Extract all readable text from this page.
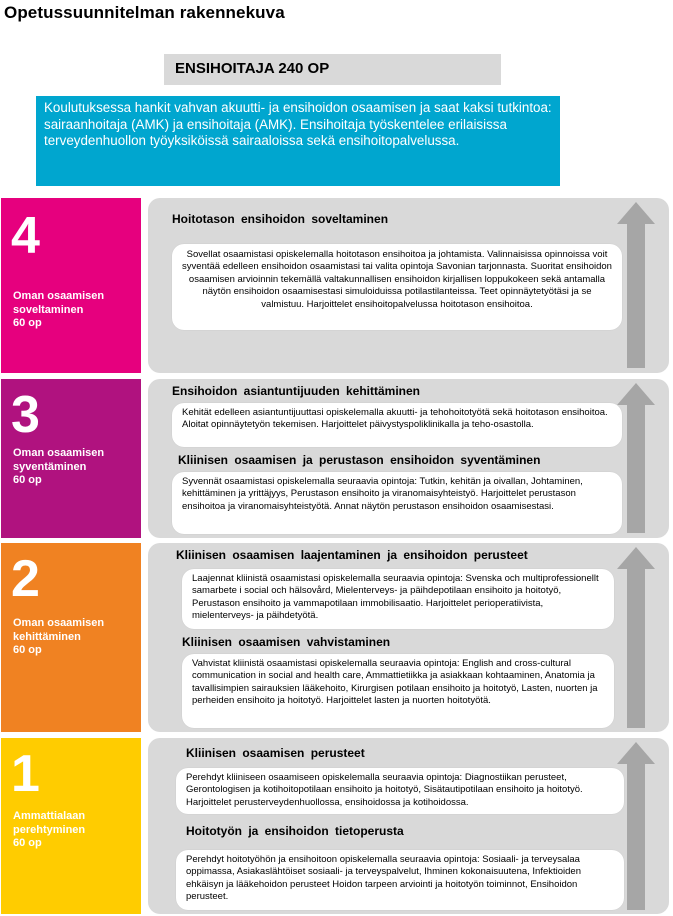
Opetussuunnitelman rakennekuva
ENSIHOITAJA 240 OP
Koulutuksessa hankit vahvan akuutti- ja ensihoidon osaamisen ja saat kaksi tutkintoa: sairaanhoitaja (AMK) ja ensihoitaja (AMK). Ensihoitaja työskentelee erilaisissa terveydenhuollon työyksiköissä sairaaloissa sekä ensihoitopalvelussa.
4
Oman osaamisen soveltaminen
60 op
Hoitotason ensihoidon soveltaminen
Sovellat osaamistasi opiskelemalla hoitotason ensihoitoa ja johtamista. Valinnaisissa opinnoissa voit syventää edelleen ensihoidon osaamistasi tai valita opintoja Savonian tarjonnasta. Suoritat ensihoidon osaamisen arvioinnin tekemällä valtakunnallisen ensihoidon kirjallisen loppukokeen sekä antamalla näytön ensihoidon osaamisestasi simuloiduissa potilastilanteissa. Teet opinnäytetyötäsi ja se valmistuu. Harjoittelet ensihoitopalvelussa hoitotason ensihoitoa.
3
Oman osaamisen syventäminen
60 op
Ensihoidon asiantuntijuuden kehittäminen
Kehität edelleen asiantuntijuuttasi opiskelemalla akuutti- ja tehohoitotyötä sekä hoitotason ensihoitoa. Aloitat opinnäytetyön tekemisen. Harjoittelet päivystyspoliklinikalla ja teho-osastolla.
Kliinisen osaamisen ja perustason ensihoidon syventäminen
Syvennät osaamistasi opiskelemalla seuraavia opintoja: Tutkin, kehitän ja oivallan, Johtaminen, kehittäminen ja yrittäjyys, Perustason ensihoito ja viranomaisyhteistyö. Harjoittelet perustason ensihoitoa ja viranomaisyhteistyötä. Annat näytön perustason ensihoidon osaamisestasi.
2
Oman osaamisen kehittäminen
60 op
Kliinisen osaamisen laajentaminen ja ensihoidon perusteet
Laajennat kliinistä osaamistasi opiskelemalla seuraavia opintoja: Svenska och multiprofessionellt samarbete i social och hälsovård, Mielenterveys- ja päihdepotilaan ensihoito ja hoitotyö, Perustason ensihoito ja vammapotilaan immobilisaatio. Harjoittelet perioperatiivista, mielenterveys- ja päihdetyötä.
Kliinisen osaamisen vahvistaminen
Vahvistat kliinistä osaamistasi opiskelemalla seuraavia opintoja: English and cross-cultural communication in social and health care, Ammattietiikka ja asiakkaan kohtaaminen, Anatomia ja tavallisimpien sairauksien lääkehoito, Kirurgisen potilaan ensihoito ja hoitotyö, Lasten, nuorten ja perheiden ensihoito ja hoitotyö. Harjoittelet lasten ja nuorten hoitotyötä.
1
Ammattialaan perehtyminen
60 op
Kliinisen osaamisen perusteet
Perehdyt kliiniseen osaamiseen opiskelemalla seuraavia opintoja: Diagnostiikan perusteet, Gerontologisen ja kotihoitopotilaan ensihoito ja hoitotyö, Sisätautipotilaan ensihoito ja hoitotyö. Harjoittelet perusterveydenhuollossa, ensihoidossa ja kotihoidossa.
Hoitotyön ja ensihoidon tietoperusta
Perehdyt hoitotyöhön ja ensihoitoon opiskelemalla seuraavia opintoja: Sosiaali- ja terveysalaa oppimassa, Asiakaslähtöiset sosiaali- ja terveyspalvelut, Ihminen kokonaisuutena, Infektioiden ehkäisyn ja lääkehoidon perusteet Hoidon tarpeen arviointi ja hoitotyön toiminnot, Ensihoidon perusteet.
